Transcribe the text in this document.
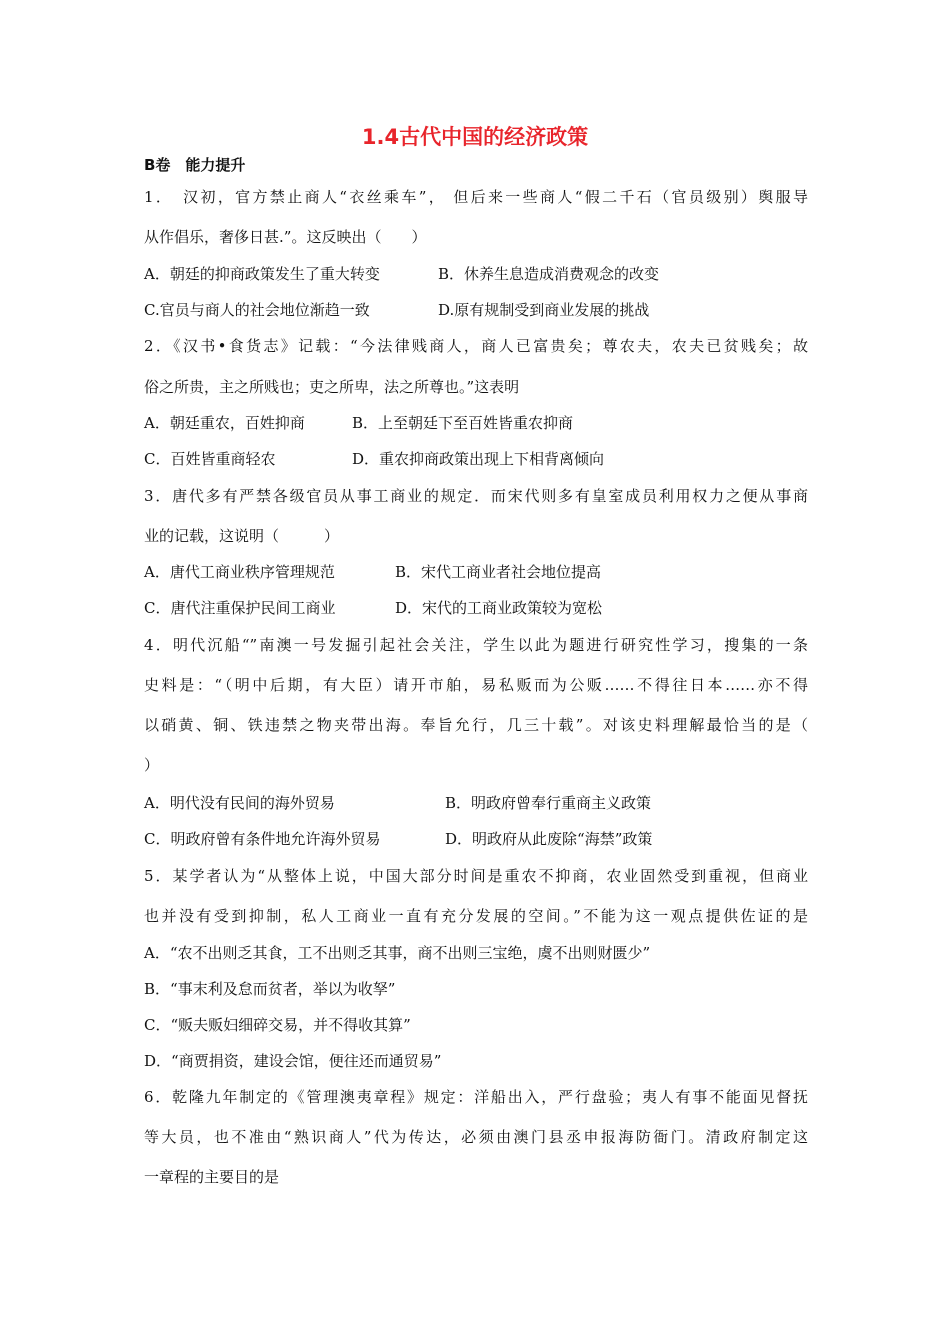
1.4古代中国的经济政策
B卷　能力提升
1．　汉初，官方禁止商人“衣丝乘车”， 但后来一些商人“假二千石（官员级别）舆服导
从作倡乐，奢侈日甚.”。这反映出（　　）
A．朝廷的抑商政策发生了重大转变	B．休养生息造成消费观念的改变
C.官员与商人的社会地位渐趋一致	D.原有规制受到商业发展的挑战
2．《汉书•食货志》记载：“今法律贱商人，商人已富贵矣；尊农夫，农夫已贫贱矣；故
俗之所贵，主之所贱也；吏之所卑，法之所尊也。”这表明
A．朝廷重农，百姓抑商	B．上至朝廷下至百姓皆重农抑商
C．百姓皆重商轻农	D．重农抑商政策出现上下相背离倾向
3．唐代多有严禁各级官员从事工商业的规定．而宋代则多有皇室成员利用权力之便从事商
业的记载，这说明（　　　）
A．唐代工商业秩序管理规范	B．宋代工商业者社会地位提高
C．唐代注重保护民间工商业	D．宋代的工商业政策较为宽松
4．明代沉船“”南澳一号发掘引起社会关注，学生以此为题进行研究性学习，搜集的一条
史料是：“（明中后期，有大臣）请开市舶，易私贩而为公贩……不得往日本……亦不得
以硝黄、铜、铁违禁之物夹带出海。奉旨允行，几三十载”。对该史料理解最恰当的是（
）
A．明代没有民间的海外贸易	B．明政府曾奉行重商主义政策
C．明政府曾有条件地允许海外贸易	D．明政府从此废除“海禁”政策
5．某学者认为“从整体上说，中国大部分时间是重农不抑商，农业固然受到重视，但商业
也并没有受到抑制，私人工商业一直有充分发展的空间。”不能为这一观点提供佐证的是
A．“农不出则乏其食，工不出则乏其事，商不出则三宝绝，虞不出则财匮少”
B．“事末利及怠而贫者，举以为收孥”
C．“贩夫贩妇细碎交易，并不得收其算”
D．“商贾捐资，建设会馆，便往还而通贸易”
6．乾隆九年制定的《管理澳夷章程》规定：洋船出入，严行盘验；夷人有事不能面见督抚
等大员，也不准由“熟识商人”代为传达，必须由澳门县丞申报海防衙门。清政府制定这
一章程的主要目的是
